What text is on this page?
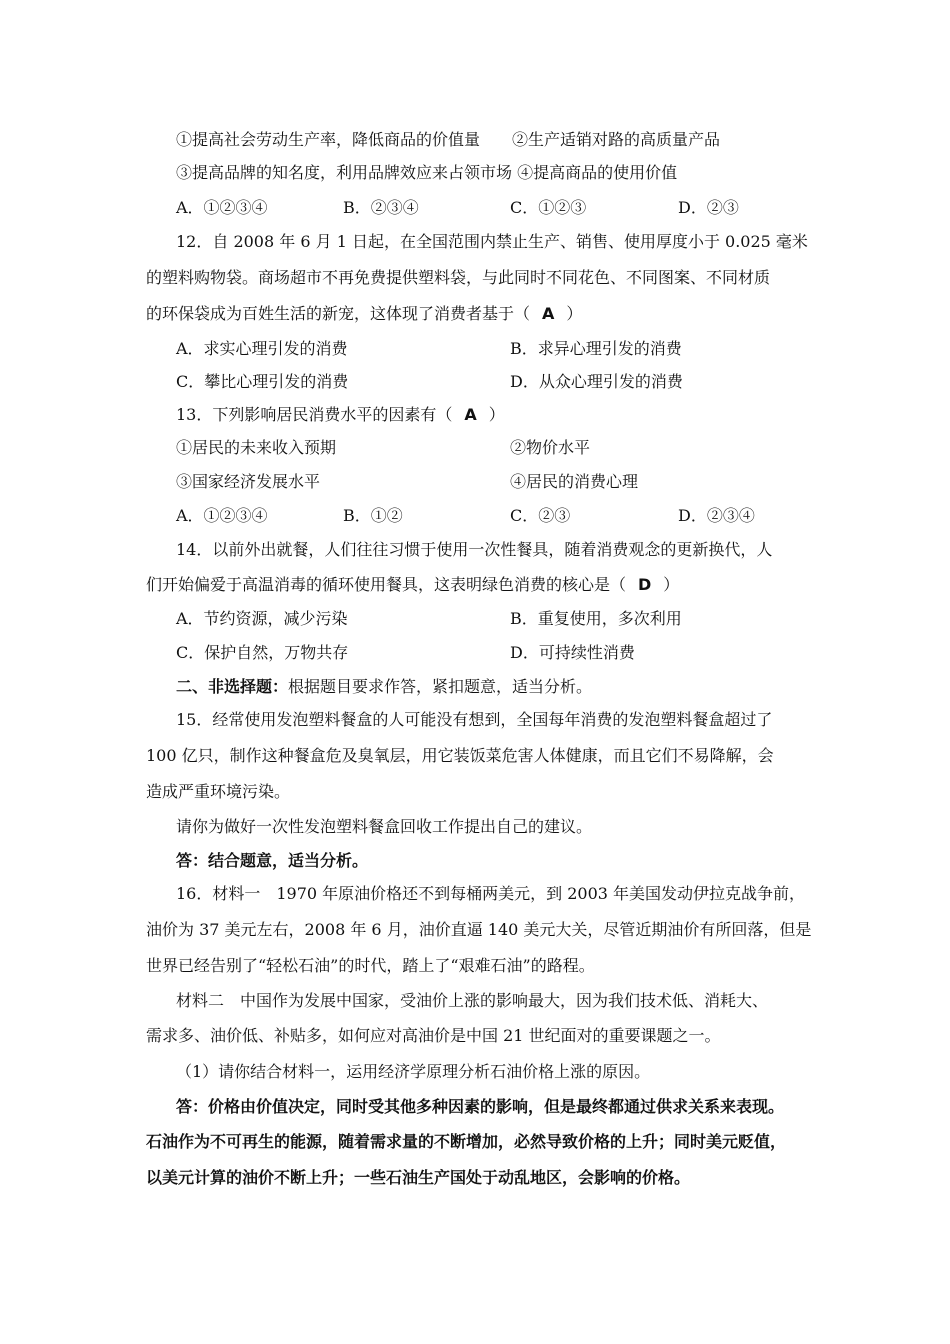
①提高社会劳动生产率，降低商品的价值量　　②生产适销对路的高质量产品
③提高品牌的知名度，利用品牌效应来占领市场 ④提高商品的使用价值
A．①②③④	B．②③④	C．①②③	D．②③
12．自 2008 年 6 月 1 日起，在全国范围内禁止生产、销售、使用厚度小于 0.025 毫米
的塑料购物袋。商场超市不再免费提供塑料袋，与此同时不同花色、不同图案、不同材质
的环保袋成为百姓生活的新宠，这体现了消费者基于（ A ）
A．求实心理引发的消费	B．求异心理引发的消费
C．攀比心理引发的消费	D．从众心理引发的消费
13．下列影响居民消费水平的因素有（ A ）
①居民的未来收入预期	②物价水平
③国家经济发展水平	④居民的消费心理
A．①②③④	B．①②	C．②③	D．②③④
14．以前外出就餐，人们往往习惯于使用一次性餐具，随着消费观念的更新换代，人
们开始偏爱于高温消毒的循环使用餐具，这表明绿色消费的核心是（ D ）
A．节约资源，减少污染	B．重复使用，多次利用
C．保护自然，万物共存	D．可持续性消费
二、非选择题：根据题目要求作答，紧扣题意，适当分析。
15．经常使用发泡塑料餐盒的人可能没有想到，全国每年消费的发泡塑料餐盒超过了
100 亿只，制作这种餐盒危及臭氧层，用它装饭菜危害人体健康，而且它们不易降解，会
造成严重环境污染。
请你为做好一次性发泡塑料餐盒回收工作提出自己的建议。
答：结合题意，适当分析。
16．材料一　1970 年原油价格还不到每桶两美元，到 2003 年美国发动伊拉克战争前，
油价为 37 美元左右，2008 年 6 月，油价直逼 140 美元大关，尽管近期油价有所回落，但是
世界已经告别了“轻松石油”的时代，踏上了“艰难石油”的路程。
材料二　中国作为发展中国家，受油价上涨的影响最大，因为我们技术低、消耗大、
需求多、油价低、补贴多，如何应对高油价是中国 21 世纪面对的重要课题之一。
（1）请你结合材料一，运用经济学原理分析石油价格上涨的原因。
答：价格由价值决定，同时受其他多种因素的影响，但是最终都通过供求关系来表现。
石油作为不可再生的能源，随着需求量的不断增加，必然导致价格的上升；同时美元贬值，
以美元计算的油价不断上升；一些石油生产国处于动乱地区，会影响的价格。
